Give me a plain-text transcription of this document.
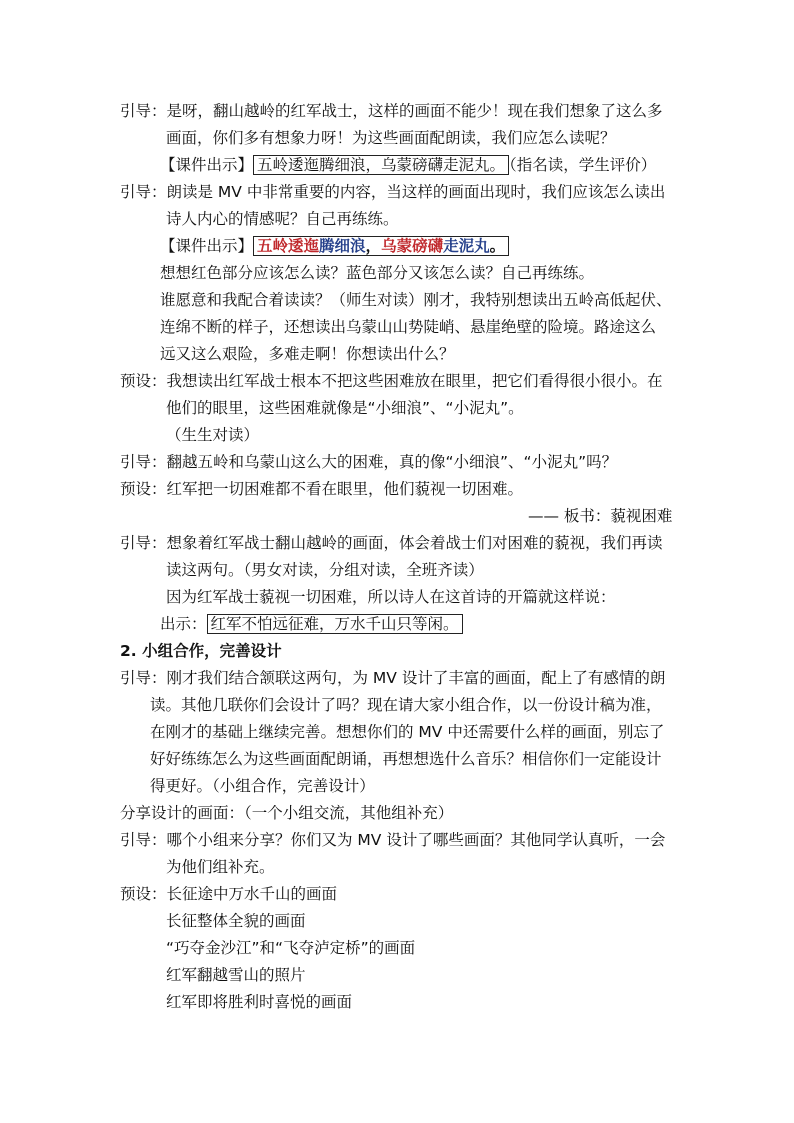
引导：是呀，翻山越岭的红军战士，这样的画面不能少！现在我们想象了这么多
画面，你们多有想象力呀！为这些画面配朗读，我们应怎么读呢？
【课件出示】 五岭逶迤腾细浪，乌蒙磅礴走泥丸。 （指名读，学生评价）
引导：朗读是 MV 中非常重要的内容，当这样的画面出现时，我们应该怎么读出
诗人内心的情感呢？自己再练练。
【课件出示】 五岭逶迤腾细浪，乌蒙磅礴走泥丸。
想想红色部分应该怎么读？蓝色部分又该怎么读？自己再练练。
谁愿意和我配合着读读？（师生对读）刚才，我特别想读出五岭高低起伏、
连绵不断的样子，还想读出乌蒙山山势陡峭、悬崖绝壁的险境。路途这么
远又这么艰险，多难走啊！你想读出什么？
预设：我想读出红军战士根本不把这些困难放在眼里，把它们看得很小很小。在
他们的眼里，这些困难就像是“小细浪”、“小泥丸”。
（生生对读）
引导：翻越五岭和乌蒙山这么大的困难，真的像“小细浪”、“小泥丸”吗？
预设：红军把一切困难都不看在眼里，他们藐视一切困难。
—— 板书：藐视困难
引导：想象着红军战士翻山越岭的画面，体会着战士们对困难的藐视，我们再读
读这两句。（男女对读，分组对读，全班齐读）
因为红军战士藐视一切困难，所以诗人在这首诗的开篇就这样说：
出示： 红军不怕远征难，万水千山只等闲。
2. 小组合作，完善设计
引导：刚才我们结合颔联这两句，为 MV 设计了丰富的画面，配上了有感情的朗
读。其他几联你们会设计了吗？现在请大家小组合作，以一份设计稿为准，
在刚才的基础上继续完善。想想你们的 MV 中还需要什么样的画面，别忘了
好好练练怎么为这些画面配朗诵，再想想选什么音乐？相信你们一定能设计
得更好。（小组合作，完善设计）
分享设计的画面：（一个小组交流，其他组补充）
引导：哪个小组来分享？你们又为 MV 设计了哪些画面？其他同学认真听，一会
为他们组补充。
预设：长征途中万水千山的画面
长征整体全貌的画面
“巧夺金沙江”和“飞夺泸定桥”的画面
红军翻越雪山的照片
红军即将胜利时喜悦的画面
